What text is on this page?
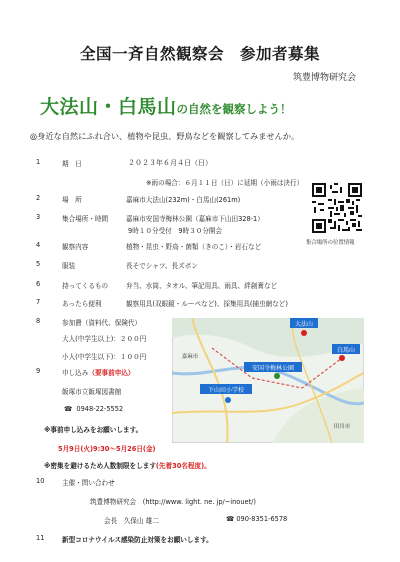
全国一斉自然観察会　参加者募集
筑豊博物研究会
大法山・白馬山の自然を観察しよう！
◎身近な自然にふれ合い、植物や昆虫、野鳥などを観察してみませんか。
1	期　日	２０２３年６月４日（日）
※雨の場合：６月１１日（日）に延期（小雨は決行）
2	場　所	嘉麻市大法山(232m)・白馬山(261m)
3	集合場所・時間	嘉麻市安国寺梅林公園（嘉麻市下山田328-1）
9時１０分受付　9時３０分開会
集合場所の位置情報
4	観察内容	植物・昆虫・野鳥・菌類（きのこ）・岩石など
5	服装	長そでシャツ、長ズボン
6	持ってくるもの	弁当、水筒、タオル、筆記用具、雨具、絆創膏など
7	あったら便利	観察用具(双眼鏡・ルーペなど)、採集用具(捕虫網など)
8	参加費（資料代、保険代）
大人(中学生以上)：２００円
小人(中学生以下)：１００円
9	申し込み（要事前申込）
飯塚市立飯塚図書館
☎ 0948-22-5552
※事前申し込みをお願いします。
5月9日(火)9:30～5月26日(金)
※密集を避けるため人数制限をします(先着30名程度)。
10	主催・問い合わせ
筑豊博物研究会　(http://www. light. ne. jp/~inouet/)
会長　久保山 雄二	☎ 090-8351-6578
11	新型コロナウイルス感染防止対策をお願いします。
大法山
白馬山
安国寺梅林公園
下山田小学校
田川市
嘉麻市
